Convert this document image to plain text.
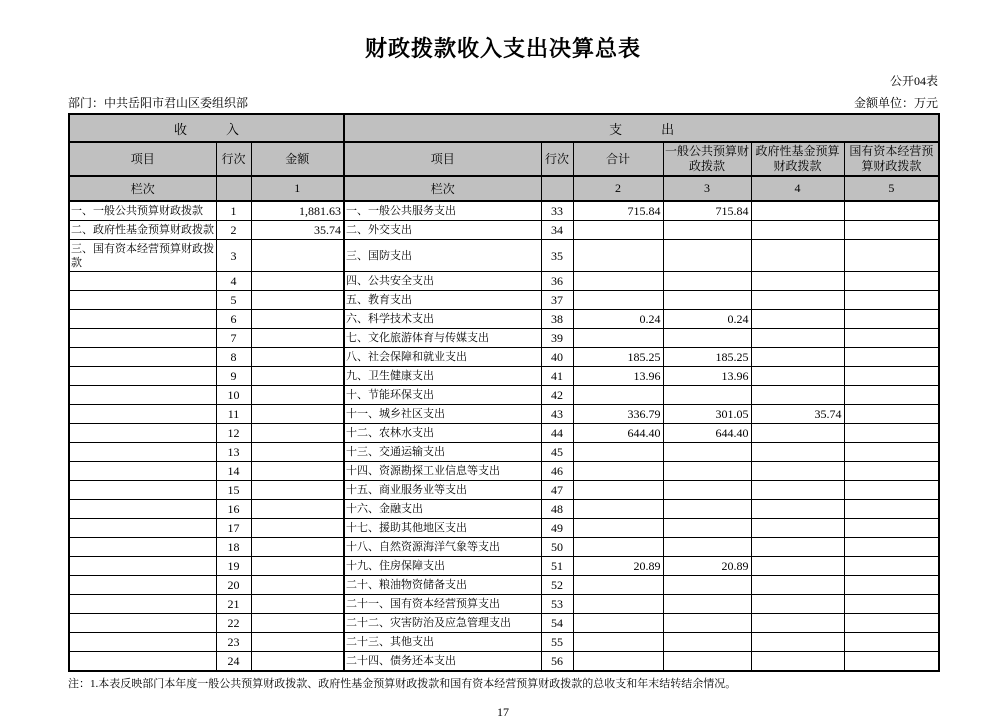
财政拨款收入支出决算总表
公开04表
部门：中共岳阳市君山区委组织部	金额单位：万元
收　　　入			支　　　出					
项目	行次	金额	项目	行次	合计	一般公共预算财政拨款	政府性基金预算财政拨款	国有资本经营预算财政拨款
栏次		1	栏次		2	3	4	5
一、一般公共预算财政拨款	1	1,881.63	一、一般公共服务支出	33	715.84	715.84		
二、政府性基金预算财政拨款	2	35.74	二、外交支出	34				
三、国有资本经营预算财政拨款	3		三、国防支出	35				
	4		四、公共安全支出	36				
	5		五、教育支出	37				
	6		六、科学技术支出	38	0.24	0.24		
	7		七、文化旅游体育与传媒支出	39				
	8		八、社会保障和就业支出	40	185.25	185.25		
	9		九、卫生健康支出	41	13.96	13.96		
	10		十、节能环保支出	42				
	11		十一、城乡社区支出	43	336.79	301.05	35.74	
	12		十二、农林水支出	44	644.40	644.40		
	13		十三、交通运输支出	45				
	14		十四、资源勘探工业信息等支出	46				
	15		十五、商业服务业等支出	47				
	16		十六、金融支出	48				
	17		十七、援助其他地区支出	49				
	18		十八、自然资源海洋气象等支出	50				
	19		十九、住房保障支出	51	20.89	20.89		
	20		二十、粮油物资储备支出	52				
	21		二十一、国有资本经营预算支出	53				
	22		二十二、灾害防治及应急管理支出	54				
	23		二十三、其他支出	55				
	24		二十四、债务还本支出	56				
注：1.本表反映部门本年度一般公共预算财政拨款、政府性基金预算财政拨款和国有资本经营预算财政拨款的总收支和年末结转结余情况。
17
